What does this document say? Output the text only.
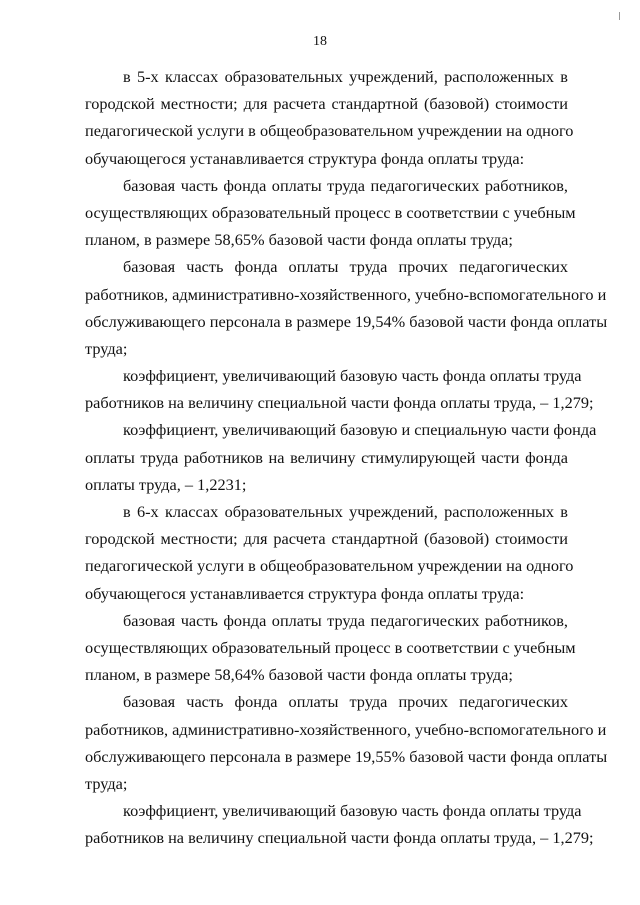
18
в 5-х классах образовательных учреждений, расположенных в
городской местности; для расчета стандартной (базовой) стоимости
педагогической услуги в общеобразовательном учреждении на одного
обучающегося устанавливается структура фонда оплаты труда:
базовая часть фонда оплаты труда педагогических работников,
осуществляющих образовательный процесс в соответствии с учебным
планом, в размере 58,65% базовой части фонда оплаты труда;
базовая часть фонда оплаты труда прочих педагогических
работников, административно-хозяйственного, учебно-вспомогательного и
обслуживающего персонала в размере 19,54% базовой части фонда оплаты
труда;
коэффициент, увеличивающий базовую часть фонда оплаты труда
работников на величину специальной части фонда оплаты труда, – 1,279;
коэффициент, увеличивающий базовую и специальную части фонда
оплаты труда работников на величину стимулирующей части фонда
оплаты труда, – 1,2231;
в 6-х классах образовательных учреждений, расположенных в
городской местности; для расчета стандартной (базовой) стоимости
педагогической услуги в общеобразовательном учреждении на одного
обучающегося устанавливается структура фонда оплаты труда:
базовая часть фонда оплаты труда педагогических работников,
осуществляющих образовательный процесс в соответствии с учебным
планом, в размере 58,64% базовой части фонда оплаты труда;
базовая часть фонда оплаты труда прочих педагогических
работников, административно-хозяйственного, учебно-вспомогательного и
обслуживающего персонала в размере 19,55% базовой части фонда оплаты
труда;
коэффициент, увеличивающий базовую часть фонда оплаты труда
работников на величину специальной части фонда оплаты труда, – 1,279;
